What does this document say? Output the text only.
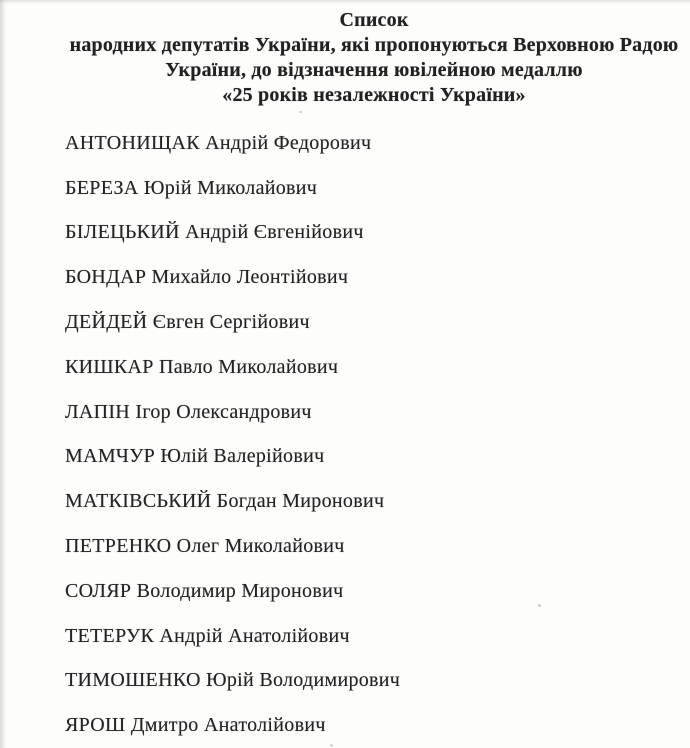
Список
народних депутатів України, які пропонуються Верховною Радою
України, до відзначення ювілейною медаллю
«25 років незалежності України»
АНТОНИЩАК Андрій Федорович
БЕРЕЗА Юрій Миколайович
БІЛЕЦЬКИЙ Андрій Євгенійович
БОНДАР Михайло Леонтійович
ДЕЙДЕЙ Євген Сергійович
КИШКАР Павло Миколайович
ЛАПІН Ігор Олександрович
МАМЧУР Юлій Валерійович
МАТКІВСЬКИЙ Богдан Миронович
ПЕТРЕНКО Олег Миколайович
СОЛЯР Володимир Миронович
ТЕТЕРУК Андрій Анатолійович
ТИМОШЕНКО Юрій Володимирович
ЯРОШ Дмитро Анатолійович
